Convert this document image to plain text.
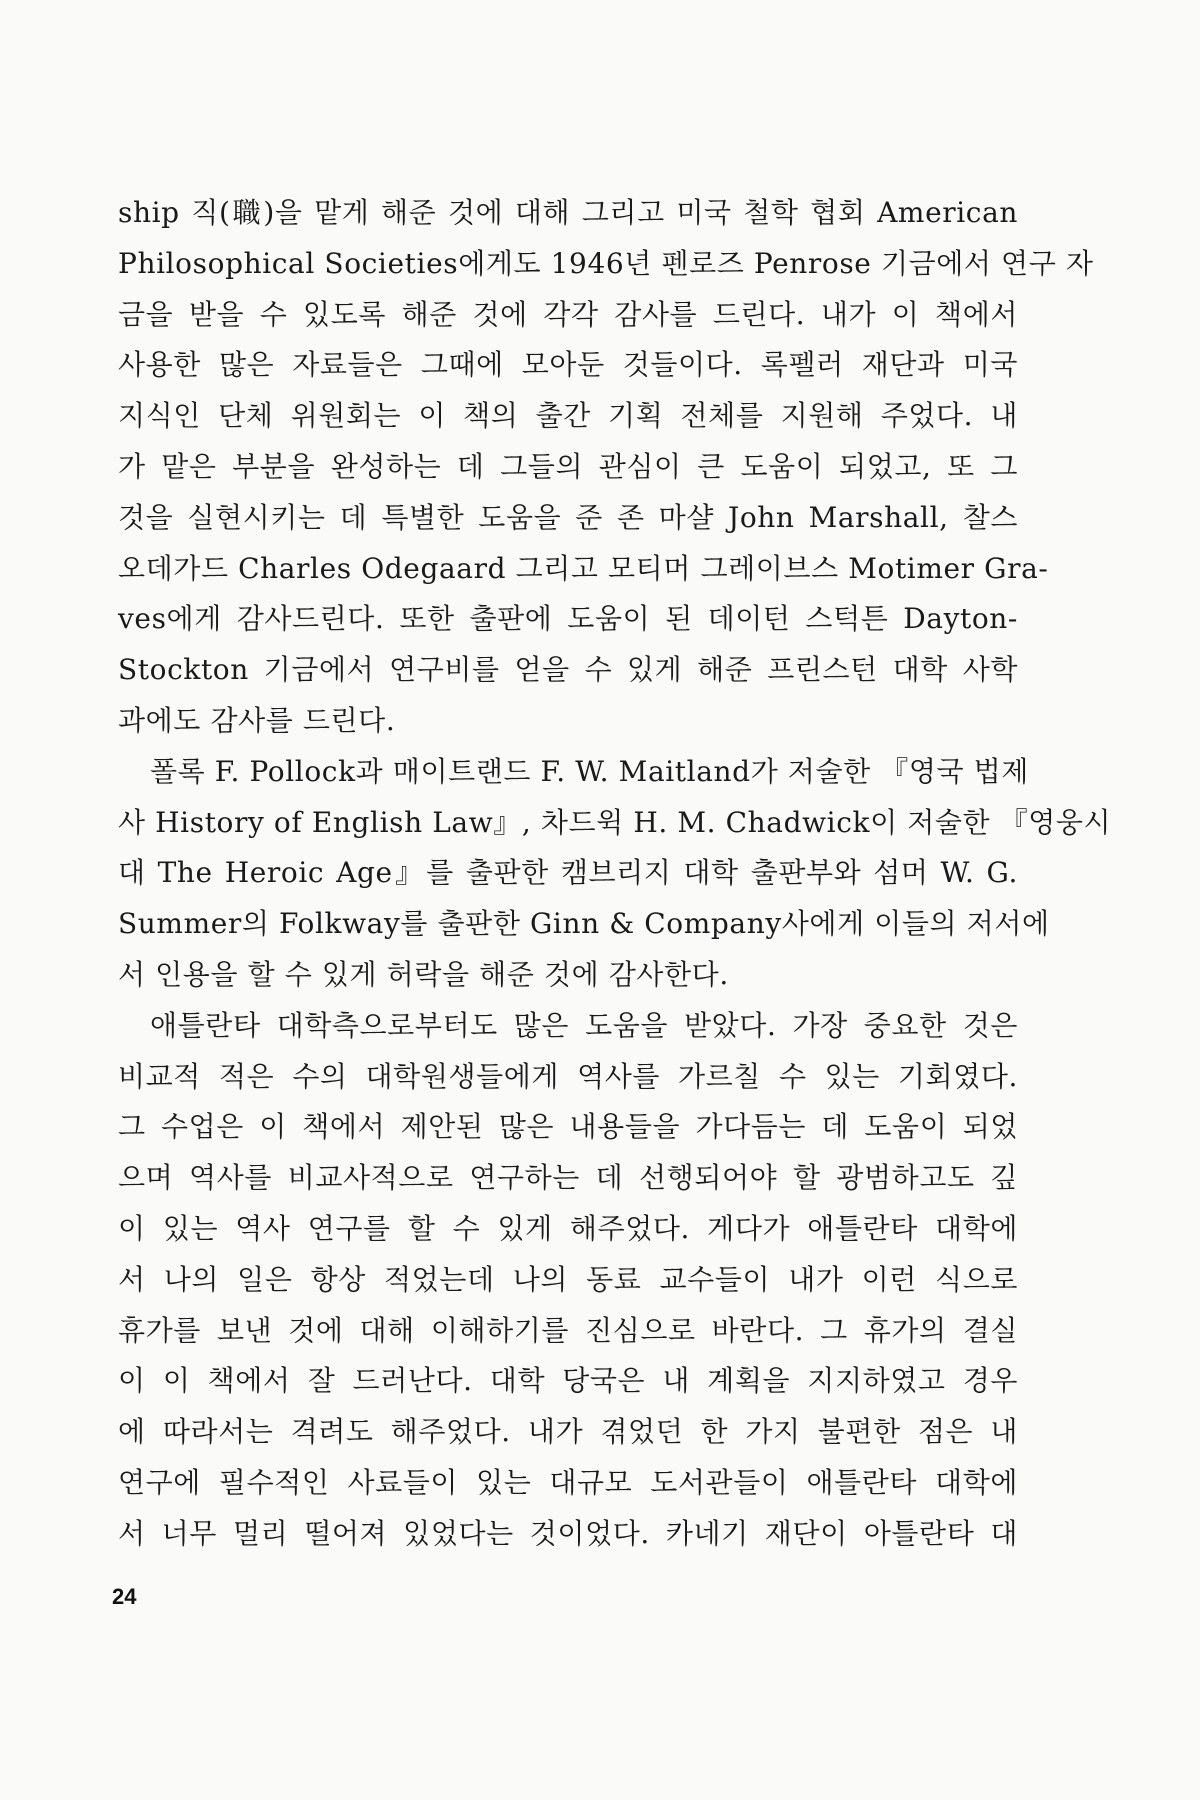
ship 직(職)을 맡게 해준 것에 대해 그리고 미국 철학 협회 American
Philosophical Societies에게도 1946년 펜로즈 Penrose 기금에서 연구 자
금을 받을 수 있도록 해준 것에 각각 감사를 드린다. 내가 이 책에서
사용한 많은 자료들은 그때에 모아둔 것들이다. 록펠러 재단과 미국
지식인 단체 위원회는 이 책의 출간 기획 전체를 지원해 주었다. 내
가 맡은 부분을 완성하는 데 그들의 관심이 큰 도움이 되었고, 또 그
것을 실현시키는 데 특별한 도움을 준 존 마샬 John Marshall, 찰스
오데가드 Charles Odegaard 그리고 모티머 그레이브스 Motimer Gra-
ves에게 감사드린다. 또한 출판에 도움이 된 데이턴 스턱튼 Dayton-
Stockton 기금에서 연구비를 얻을 수 있게 해준 프린스턴 대학 사학
과에도 감사를 드린다.
폴록 F. Pollock과 매이트랜드 F. W. Maitland가 저술한 『영국 법제
사 History of English Law』, 차드윅 H. M. Chadwick이 저술한 『영웅시
대 The Heroic Age』를 출판한 캠브리지 대학 출판부와 섬머 W. G.
Summer의 Folkway를 출판한 Ginn & Company사에게 이들의 저서에
서 인용을 할 수 있게 허락을 해준 것에 감사한다.
애틀란타 대학측으로부터도 많은 도움을 받았다. 가장 중요한 것은
비교적 적은 수의 대학원생들에게 역사를 가르칠 수 있는 기회였다.
그 수업은 이 책에서 제안된 많은 내용들을 가다듬는 데 도움이 되었
으며 역사를 비교사적으로 연구하는 데 선행되어야 할 광범하고도 깊
이 있는 역사 연구를 할 수 있게 해주었다. 게다가 애틀란타 대학에
서 나의 일은 항상 적었는데 나의 동료 교수들이 내가 이런 식으로
휴가를 보낸 것에 대해 이해하기를 진심으로 바란다. 그 휴가의 결실
이 이 책에서 잘 드러난다. 대학 당국은 내 계획을 지지하였고 경우
에 따라서는 격려도 해주었다. 내가 겪었던 한 가지 불편한 점은 내
연구에 필수적인 사료들이 있는 대규모 도서관들이 애틀란타 대학에
서 너무 멀리 떨어져 있었다는 것이었다. 카네기 재단이 아틀란타 대
24
